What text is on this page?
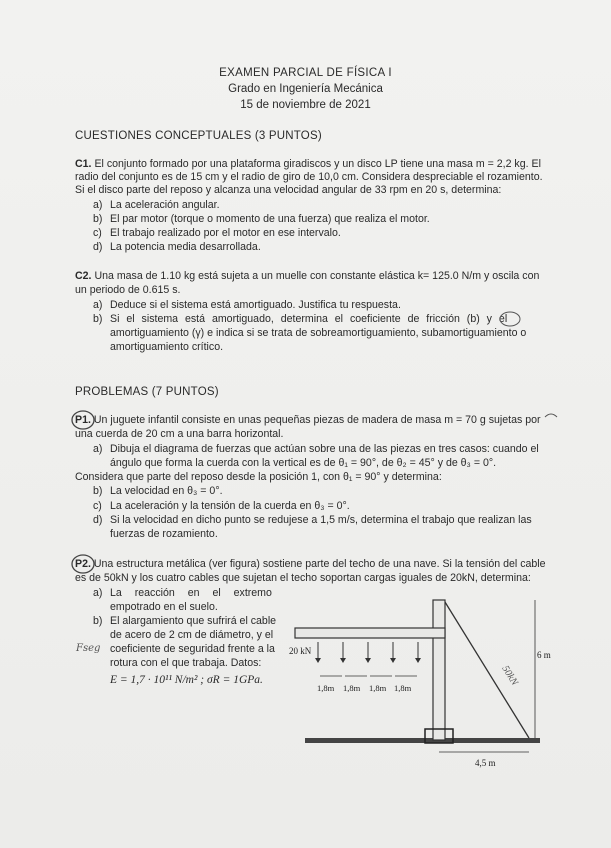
EXAMEN PARCIAL DE FÍSICA I
Grado en Ingeniería Mecánica
15 de noviembre de 2021
CUESTIONES CONCEPTUALES (3 PUNTOS)
C1. El conjunto formado por una plataforma giradiscos y un disco LP tiene una masa m = 2,2 kg. El
radio del conjunto es de 15 cm y el radio de giro de 10,0 cm. Considera despreciable el rozamiento.
Si el disco parte del reposo y alcanza una velocidad angular de 33 rpm en 20 s, determina:
a) La aceleración angular.
b) El par motor (torque o momento de una fuerza) que realiza el motor.
c) El trabajo realizado por el motor en ese intervalo.
d) La potencia media desarrollada.
C2. Una masa de 1.10 kg está sujeta a un muelle con constante elástica k= 125.0 N/m y oscila con
un periodo de 0.615 s.
a) Deduce si el sistema está amortiguado. Justifica tu respuesta.
b) Si el sistema está amortiguado, determina el coeficiente de fricción (b) y el
amortiguamiento (γ) e indica si se trata de sobreamortiguamiento, subamortiguamiento o
amortiguamiento crítico.
PROBLEMAS (7 PUNTOS)
P1. Un juguete infantil consiste en unas pequeñas piezas de madera de masa m = 70 g sujetas por
una cuerda de 20 cm a una barra horizontal.
a) Dibuja el diagrama de fuerzas que actúan sobre una de las piezas en tres casos: cuando el
ángulo que forma la cuerda con la vertical es de θ₁ = 90°, de θ₂ = 45° y de θ₃ = 0°.
Considera que parte del reposo desde la posición 1, con θ₁ = 90° y determina:
b) La velocidad en θ₃ = 0°.
c) La aceleración y la tensión de la cuerda en θ₃ = 0°.
d) Si la velocidad en dicho punto se redujese a 1,5 m/s, determina el trabajo que realizan las
fuerzas de rozamiento.
P2. Una estructura metálica (ver figura) sostiene parte del techo de una nave. Si la tensión del cable
es de 50kN y los cuatro cables que sujetan el techo soportan cargas iguales de 20kN, determina:
a) La reacción en el extremo
empotrado en el suelo.
b) El alargamiento que sufrirá el cable
de acero de 2 cm de diámetro, y el
coeficiente de seguridad frente a la
rotura con el que trabaja. Datos:
E = 1,7 · 10¹¹ N/m² ; σR = 1GPa.
Fseg	20 kN
1,8m 1,8m 1,8m 1,8m
6 m
4,5 m
50kN
